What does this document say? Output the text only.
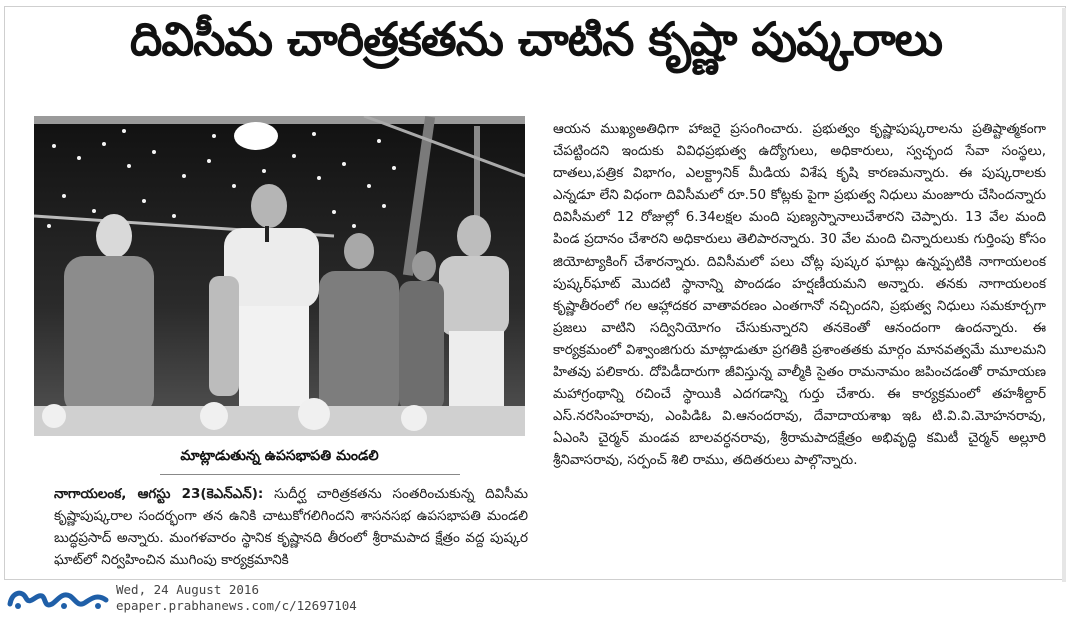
దివిసీమ చారిత్రకతను చాటిన కృష్ణా పుష్కరాలు
మాట్లాడుతున్న ఉపసభాపతి మండలి

నాగాయలంక, ఆగస్టు 23(కెఎన్‌ఎన్‌): సుదీర్ఘ చారిత్రకతను సంతరించుకున్న దివిసీమ కృష్ణాపుష్కరాల సందర్భంగా తన ఉనికి చాటుకోగలిగిందని శాసనసభ ఉపసభాపతి మండలి బుద్ధప్రసాద్‌ అన్నారు. మంగళవారం స్థానిక కృష్ణానది తీరంలో శ్రీరామపాద క్షేత్రం వద్ద పుష్కర ఘాట్‌లో నిర్వహించిన ముగింపు కార్యక్రమానికి

ఆయన ముఖ్యఅతిధిగా హాజరై ప్రసంగించారు. ప్రభుత్వం కృష్ణాపుష్కరాలను ప్రతిష్టాత్మకంగా చేపట్టిందని ఇందుకు వివిధప్రభుత్వ ఉద్యోగులు, అధికారులు, స్వచ్ఛంద సేవా సంస్థలు, దాతలు,పత్రిక విభాగం, ఎలక్ట్రానిక్‌ మీడియ విశేష కృషి కారణమన్నారు. ఈ పుష్కరాలకు ఎన్నడూ లేని విధంగా దివిసీమలో రూ.50 కోట్లకు పైగా ప్రభుత్వ నిధులు మంజూరు చేసిందన్నారు దివిసీమలో 12 రోజుల్లో 6.34లక్షల మంది పుణ్యస్నానాలుచేశారని చెప్పారు. 13 వేల మంది పిండ ప్రదానం చేశారని అధికారులు తెలిపారన్నారు. 30 వేల మంది చిన్నారులుకు గుర్తింపు కోసం జియోట్యాకింగ్‌ చేశారన్నారు. దివిసీమలో పలు చోట్ల పుష్కర ఘాట్లు ఉన్నప్పటికి నాగాయలంక పుష్కర్‌ఘాట్‌ మొదటి స్థానాన్ని పొందడం హర్షణీయమని అన్నారు. తనకు నాగాయలంక కృష్ణాతీరంలో గల ఆహ్లాదకర వాతావరణం ఎంతగానో నచ్చిందని, ప్రభుత్వ నిధులు సమకూర్చగా ప్రజలు వాటిని సద్వినియోగం చేసుకున్నారని తనకెంతో ఆనందంగా ఉందన్నారు. ఈ కార్యక్రమంలో విశ్వాంజిగురు మాట్లాడుతూ ప్రగతికి ప్రశాంతతకు మార్గం మానవత్వమే మూలమని హితవు పలికారు. దోపిడీదారుగా జీవిస్తున్న వాల్మీకి సైతం రామనామం జపించడంతో రామాయణ మహాగ్రంథాన్ని రచించే స్థాయికి ఎదగడాన్ని గుర్తు చేశారు. ఈ కార్యక్రమంలో తహశీల్దార్‌ ఎస్‌.నరసింహరావు, ఎంపిడిఓ వి.ఆనందరావు, దేవాదాయశాఖ ఇఓ టి.వి.వి.మోహనరావు, ఏఎంసి చైర్మన్‌ మండవ బాలవర్ధనరావు, శ్రీరామపాదక్షేత్రం అభివృద్ధి కమిటీ చైర్మన్‌ అల్లూరి శ్రీనివాసరావు, సర్పంచ్‌ శిలి రాము, తదితరులు పాల్గొన్నారు.

Wed, 24 August 2016
epaper.prabhanews.com/c/12697104
